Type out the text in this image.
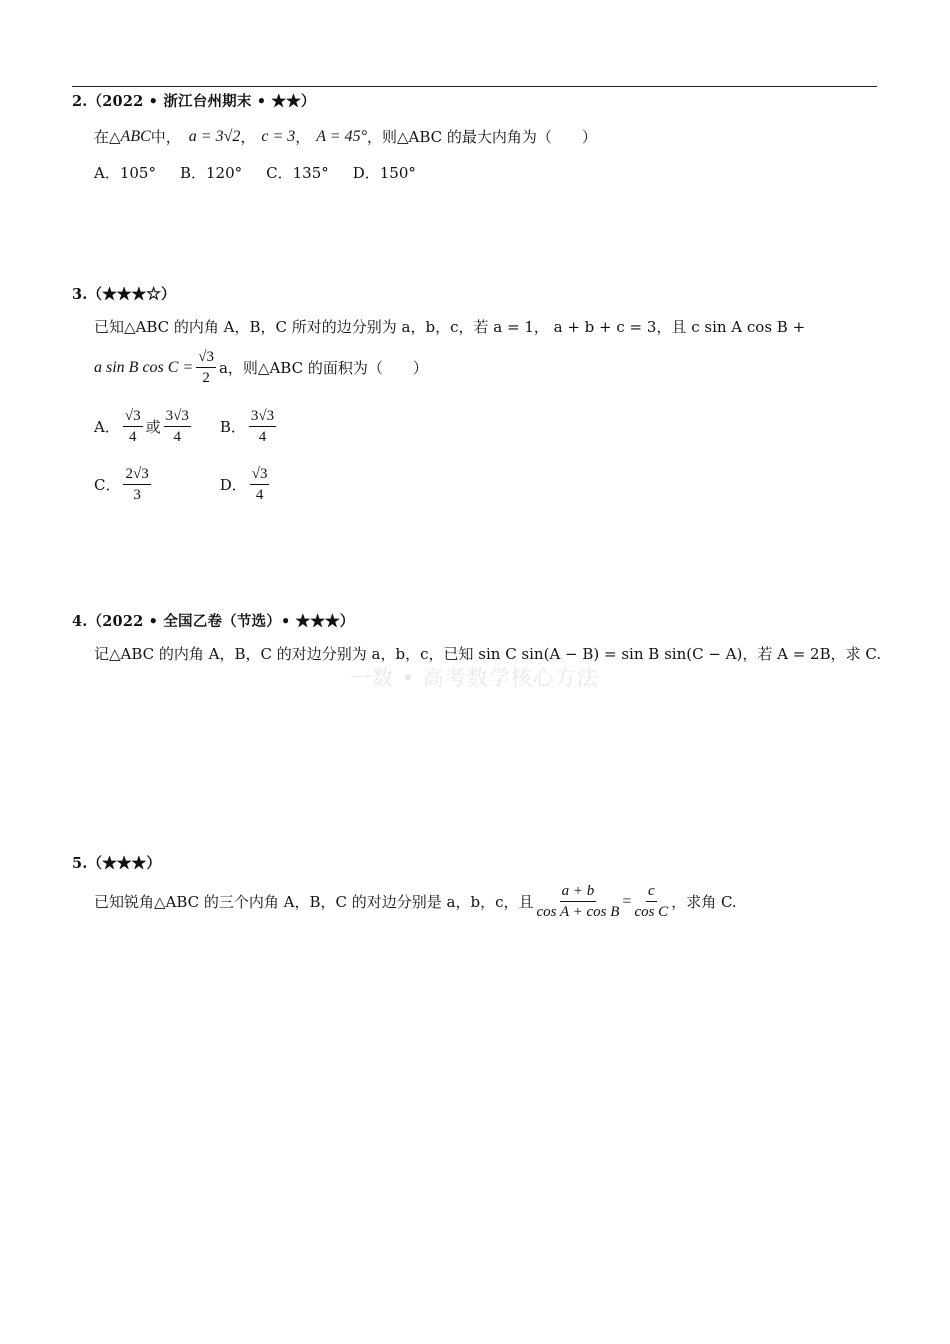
一数 • 高考数学核心方法
2.（2022 • 浙江台州期末 • ★★）
在△ ABC 中， a = 3√2 ， c = 3 ， A = 45° ，则△ABC 的最大内角为（　　）
A．105° B．120° C．135° D．150°
3.（★★★☆）
已知△ABC 的内角 A，B，C 所对的边分别为 a，b，c，若 a = 1， a + b + c = 3，且 c sin A cos B +
a sin B $\cos C = \frac{√3}{2}$ a，则△ABC 的面积为（　　）
A． $\frac{√3}{4}$ 或 $\frac{3√3}{4}$ B． $\frac{3√3}{4}$
C． $\frac{2√3}{3}$	D． $\frac{√3}{4}$
4.（2022 • 全国乙卷（节选）• ★★★）
记△ABC 的内角 A，B，C 的对边分别为 a，b，c，已知 sin C sin(A − B) = sin B sin(C − A)，若 A = 2B，求 C.
5.（★★★）
已知锐角△ABC 的三个内角 A，B，C 的对边分别是 a，b，c，且 $\frac{a + b}{\text{cos A + cos B}} = \frac{c}{\text{cos C}}$ ，求角 C.
